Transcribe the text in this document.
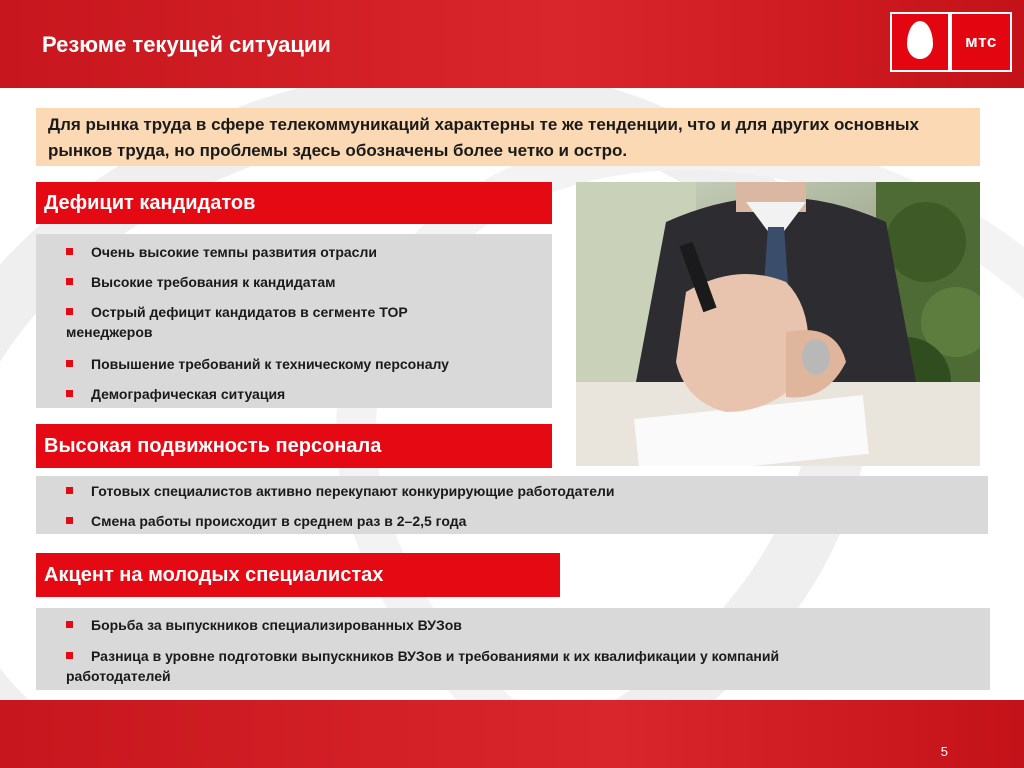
Резюме текущей ситуации	мтс
Для рынка труда в сфере телекоммуникаций характерны те же тенденции, что и для других основных рынков труда, но проблемы здесь обозначены более четко и остро.
Дефицит кандидатов
Очень высокие темпы развития отрасли
Высокие требования к кандидатам
Острый дефицит кандидатов в сегменте TOP
менеджеров
Повышение требований к техническому персоналу
Демографическая ситуация
Высокая подвижность персонала
Готовых специалистов активно перекупают конкурирующие работодатели
Смена работы происходит в среднем раз в 2–2,5 года
Акцент на молодых специалистах
Борьба за выпускников специализированных ВУЗов
Разница в уровне подготовки выпускников ВУЗов и требованиями к их квалификации у компаний
работодателей
5
